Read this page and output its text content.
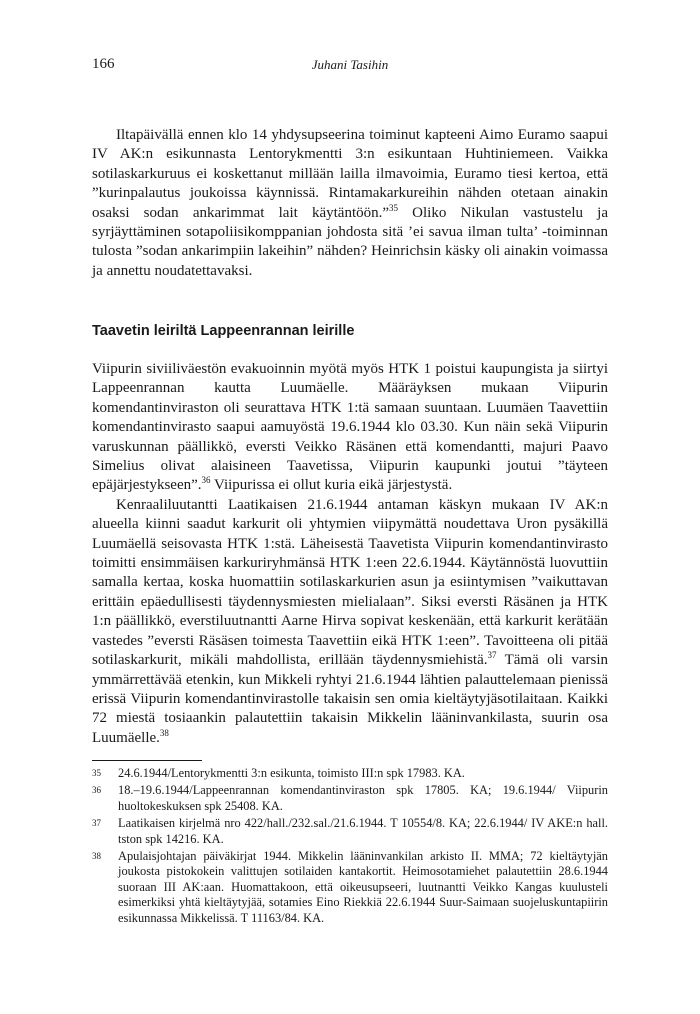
166	Juhani Tasihin

Iltapäivällä ennen klo 14 yhdysupseerina toiminut kapteeni Aimo Euramo saapui IV AK:n esikunnasta Lentorykmentti 3:n esikuntaan Huhtiniemeen. Vaikka sotilaskarkuruus ei koskettanut millään lailla ilmavoimia, Euramo tiesi kertoa, että ”kurinpalautus joukoissa käynnissä. Rintamakarkureihin nähden otetaan ainakin osaksi sodan ankarimmat lait käytäntöön.”$^{35}$ Oliko Nikulan vastustelu ja syrjäyttäminen sotapoliisikomppanian johdosta sitä ’ei savua ilman tulta’ -toiminnan tulosta ”sodan ankarimpiin lakeihin” nähden? Heinrichsin käsky oli ainakin voimassa ja annettu noudatettavaksi.

Taavetin leiriltä Lappeenrannan leirille

Viipurin siviiliväestön evakuoinnin myötä myös HTK 1 poistui kaupungista ja siirtyi Lappeenrannan kautta Luumäelle. Määräyksen mukaan Viipurin komendantinviraston oli seurattava HTK 1:tä samaan suuntaan. Luumäen Taavettiin komendantinvirasto saapui aamuyöstä 19.6.1944 klo 03.30. Kun näin sekä Viipurin varuskunnan päällikkö, eversti Veikko Räsänen että komendantti, majuri Paavo Simelius olivat alaisineen Taavetissa, Viipurin kaupunki joutui ”täyteen epäjärjestykseen”.$^{36}$ Viipurissa ei ollut kuria eikä järjestystä.

Kenraaliluutantti Laatikaisen 21.6.1944 antaman käskyn mukaan IV AK:n alueella kiinni saadut karkurit oli yhtymien viipymättä noudettava Uron pysäkillä Luumäellä seisovasta HTK 1:stä. Läheisestä Taavetista Viipurin komendantinvirasto toimitti ensimmäisen karkuriryhmänsä HTK 1:een 22.6.1944. Käytännöstä luovuttiin samalla kertaa, koska huomattiin sotilaskarkurien asun ja esiintymisen ”vaikuttavan erittäin epäedullisesti täydennysmiesten mielialaan”. Siksi eversti Räsänen ja HTK 1:n päällikkö, everstiluutnantti Aarne Hirva sopivat keskenään, että karkurit kerätään vastedes ”eversti Räsäsen toimesta Taavettiin eikä HTK 1:een”. Tavoitteena oli pitää sotilaskarkurit, mikäli mahdollista, erillään täydennysmiehistä.$^{37}$ Tämä oli varsin ymmärrettävää etenkin, kun Mikkeli ryhtyi 21.6.1944 lähtien palauttelemaan pienissä erissä Viipurin komendantinvirastolle takaisin sen omia kieltäytyjäsotilaitaan. Kaikki 72 miestä tosiaankin palautettiin takaisin Mikkelin lääninvankilasta, suurin osa Luumäelle.$^{38}$

35	24.6.1944/Lentorykmentti 3:n esikunta, toimisto III:n spk 17983. KA.
36	18.–19.6.1944/Lappeenrannan komendantinviraston spk 17805. KA; 19.6.1944/ Viipurin huoltokeskuksen spk 25408. KA.
37	Laatikaisen kirjelmä nro 422/hall./232.sal./21.6.1944. T 10554/8. KA; 22.6.1944/ IV AKE:n hall. tston spk 14216. KA.
38	Apulaisjohtajan päiväkirjat 1944. Mikkelin lääninvankilan arkisto II. MMA; 72 kieltäytyjän joukosta pistokokein valittujen sotilaiden kantakortit. Heimosotamiehet palautettiin 28.6.1944 suoraan III AK:aan. Huomattakoon, että oikeusupseeri, luutnantti Veikko Kangas kuulusteli esimerkiksi yhtä kieltäytyjää, sotamies Eino Riekkiä 22.6.1944 Suur-Saimaan suojeluskuntapiirin esikunnassa Mikkelissä. T 11163/84. KA.
